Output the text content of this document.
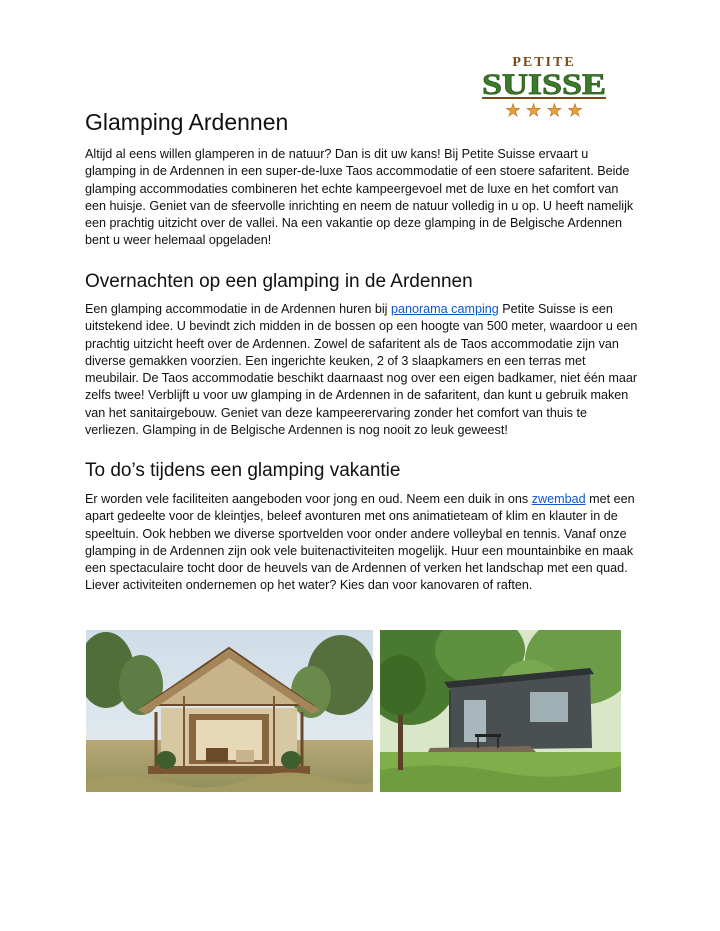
PETITE
SUISSE
★ ★ ★ ★
Glamping Ardennen

Altijd al eens willen glamperen in de natuur? Dan is dit uw kans! Bij Petite Suisse ervaart u glamping in de Ardennen in een super-de-luxe Taos accommodatie of een stoere safaritent. Beide glamping accommodaties combineren het echte kampeergevoel met de luxe en het comfort van een huisje. Geniet van de sfeervolle inrichting en neem de natuur volledig in u op. U heeft namelijk een prachtig uitzicht over de vallei. Na een vakantie op deze glamping in de Belgische Ardennen bent u weer helemaal opgeladen!

Overnachten op een glamping in de Ardennen

Een glamping accommodatie in de Ardennen huren bij panorama camping Petite Suisse is een uitstekend idee. U bevindt zich midden in de bossen op een hoogte van 500 meter, waardoor u een prachtig uitzicht heeft over de Ardennen. Zowel de safaritent als de Taos accommodatie zijn van diverse gemakken voorzien. Een ingerichte keuken, 2 of 3 slaapkamers en een terras met meubilair. De Taos accommodatie beschikt daarnaast nog over een eigen badkamer, niet één maar zelfs twee! Verblijft u voor uw glamping in de Ardennen in de safaritent, dan kunt u gebruik maken van het sanitairgebouw. Geniet van deze kampeerervaring zonder het comfort van thuis te verliezen. Glamping in de Belgische Ardennen is nog nooit zo leuk geweest!

To do’s tijdens een glamping vakantie

Er worden vele faciliteiten aangeboden voor jong en oud. Neem een duik in ons zwembad met een apart gedeelte voor de kleintjes, beleef avonturen met ons animatieteam of klim en klauter in de speeltuin. Ook hebben we diverse sportvelden voor onder andere volleybal en tennis. Vanaf onze glamping in de Ardennen zijn ook vele buitenactiviteiten mogelijk. Huur een mountainbike en maak een spectaculaire tocht door de heuvels van de Ardennen of verken het landschap met een quad. Liever activiteiten ondernemen op het water? Kies dan voor kanovaren of raften.
